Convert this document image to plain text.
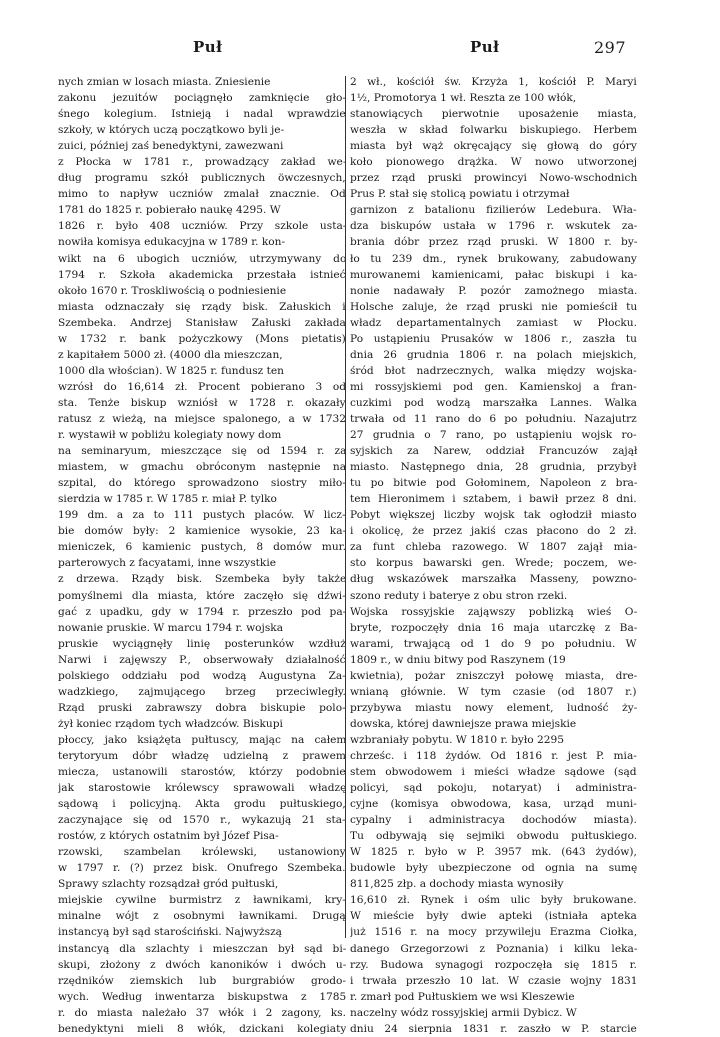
Puł	Puł	297
nych zmian w losach miasta. Zniesienie
zakonu jezuitów pociągnęło zamknięcie gło-
śnego kolegium. Istnieją i nadal wprawdzie
szkoły, w których uczą początkowo byli je-
zuici, później zaś benedyktyni, zawezwani
z Płocka w 1781 r., prowadzący zakład we-
dług programu szkół publicznych öwczesnych,
mimo to napływ uczniów zmalał znacznie. Od
1781 do 1825 r. pobierało naukę 4295. W
1826 r. było 408 uczniów. Przy szkole usta-
nowiła komisya edukacyjna w 1789 r. kon-
wikt na 6 ubogich uczniów, utrzymywany do
1794 r. Szkoła akademicka przestała istnieć
około 1670 r. Troskliwością o podniesienie
miasta odznaczały się rządy bisk. Załuskich i
Szembeka. Andrzej Stanisław Załuski zakłada
w 1732 r. bank pożyczkowy (Mons pietatis)
z kapitałem 5000 zł. (4000 dla mieszczan,
1000 dla włościan). W 1825 r. fundusz ten
wzrósł do 16,614 zł. Procent pobierano 3 od
sta. Tenże biskup wzniósł w 1728 r. okazały
ratusz z wieżą, na miejsce spalonego, a w 1732
r. wystawił w pobliżu kolegiaty nowy dom
na seminaryum, mieszczące się od 1594 r. za
miastem, w gmachu obróconym następnie na
szpital, do którego sprowadzono siostry miło-
sierdzia w 1785 r. W 1785 r. miał P. tylko
199 dm. a za to 111 pustych placów. W licz-
bie domów były: 2 kamienice wysokie, 23 ka-
mieniczek, 6 kamienic pustych, 8 domów mur.
parterowych z facyatami, inne wszystkie
z drzewa. Rządy bisk. Szembeka były także
pomyślnemi dla miasta, które zaczęło się dźwi-
gać z upadku, gdy w 1794 r. przeszło pod pa-
nowanie pruskie. W marcu 1794 r. wojska
pruskie wyciągnęły linię posterunków wzdłuż
Narwi i zajęwszy P., obserwowały działalność
polskiego oddziału pod wodzą Augustyna Za-
wadzkiego, zajmującego brzeg przeciwległy.
Rząd pruski zabrawszy dobra biskupie polo-
żył koniec rządom tych władzców. Biskupi
płoccy, jako książęta pułtuscy, mając na całem
terytoryum dóbr władzę udzielną z prawem
miecza, ustanowili starostów, którzy podobnie
jak starostowie królewscy sprawowali władzę
sądową i policyjną. Akta grodu pułtuskiego,
zaczynające się od 1570 r., wykazują 21 sta-
rostów, z których ostatnim był Józef Pisa-
rzowski, szambelan królewski, ustanowiony
w 1797 r. (?) przez bisk. Onufrego Szembeka.
Sprawy szlachty rozsądzał gród pułtuski,
miejskie cywilne burmistrz z ławnikami, kry-
minalne wójt z osobnymi ławnikami. Drugą
instancyą był sąd starościński. Najwyższą
instancyą dla szlachty i mieszczan był sąd bi-
skupi, złożony z dwóch kanoników i dwóch u-
rzędników ziemskich lub burgrabiów grodo-
wych. Według inwentarza biskupstwa z 1785
r. do miasta należało 37 włók i 2 zagony, ks.
benedyktyni mieli 8 włók, dzickani kolegiaty
2 wł., kościół św. Krzyża 1, kościół P. Maryi
1½, Promotorya 1 wł. Reszta ze 100 włók,
stanowiących pierwotnie uposażenie miasta,
weszła w skład folwarku biskupiego. Herbem
miasta był wąż okręcający się głową do góry
koło pionowego drążka. W nowo utworzonej
przez rząd pruski prowincyi Nowo-wschodnich
Prus P. stał się stolicą powiatu i otrzymał
garnizon z batalionu fizilierów Ledebura. Wła-
dza biskupów ustała w 1796 r. wskutek za-
brania dóbr przez rząd pruski. W 1800 r. by-
ło tu 239 dm., rynek brukowany, zabudowany
murowanemi kamienicami, pałac biskupi i ka-
nonie nadawały P. pozór zamożnego miasta.
Holsche zaluje, że rząd pruski nie pomieścił tu
władz departamentalnych zamiast w Płocku.
Po ustąpieniu Prusaków w 1806 r., zaszła tu
dnia 26 grudnia 1806 r. na polach miejskich,
śród błot nadrzecznych, walka między wojska-
mi rossyjskiemi pod gen. Kamienskoj a fran-
cuzkimi pod wodzą marszałka Lannes. Walka
trwała od 11 rano do 6 po południu. Nazajutrz
27 grudnia o 7 rano, po ustąpieniu wojsk ro-
syjskich za Narew, oddział Francuzów zajął
miasto. Następnego dnia, 28 grudnia, przybył
tu po bitwie pod Gołominem, Napoleon z bra-
tem Hieronimem i sztabem, i bawił przez 8 dni.
Pobyt większej liczby wojsk tak ogłodził miasto
i okolicę, że przez jakiś czas płacono do 2 zł.
za funt chleba razowego. W 1807 zajął mia-
sto korpus bawarski gen. Wrede; poczem, we-
dług wskazówek marszałka Masseny, powzno-
szono reduty i baterye z obu stron rzeki.
Wojska rossyjskie zająwszy poblizką wieś O-
bryte, rozpoczęły dnia 16 maja utarczkę z Ba-
warami, trwającą od 1 do 9 po południu. W
1809 r., w dniu bitwy pod Raszynem (19
kwietnia), pożar zniszczył połowę miasta, dre-
wnianą głównie. W tym czasie (od 1807 r.)
przybywa miastu nowy element, ludność ży-
dowska, której dawniejsze prawa miejskie
wzbraniały pobytu. W 1810 r. było 2295
chrześc. i 118 żydów. Od 1816 r. jest P. mia-
stem obwodowem i mieści władze sądowe (sąd
policyi, sąd pokoju, notaryat) i administra-
cyjne (komisya obwodowa, kasa, urząd muni-
cypalny i administracya dochodów miasta).
Tu odbywają się sejmiki obwodu pułtuskiego.
W 1825 r. było w P. 3957 mk. (643 żydów),
budowle były ubezpieczone od ognia na sumę
811,825 złp. a dochody miasta wynosiły
16,610 zł. Rynek i ośm ulic były brukowane.
W mieście były dwie apteki (istniała apteka
już 1516 r. na mocy przywileju Erazma Ciołka,
danego Grzegorzowi z Poznania) i kilku leka-
rzy. Budowa synagogi rozpoczęła się 1815 r.
i trwała przeszło 10 lat. W czasie wojny 1831
r. zmarł pod Pułtuskiem we wsi Kleszewie
naczelny wódz rossyjskiej armii Dybicz. W
dniu 24 sierpnia 1831 r. zaszło w P. starcie
